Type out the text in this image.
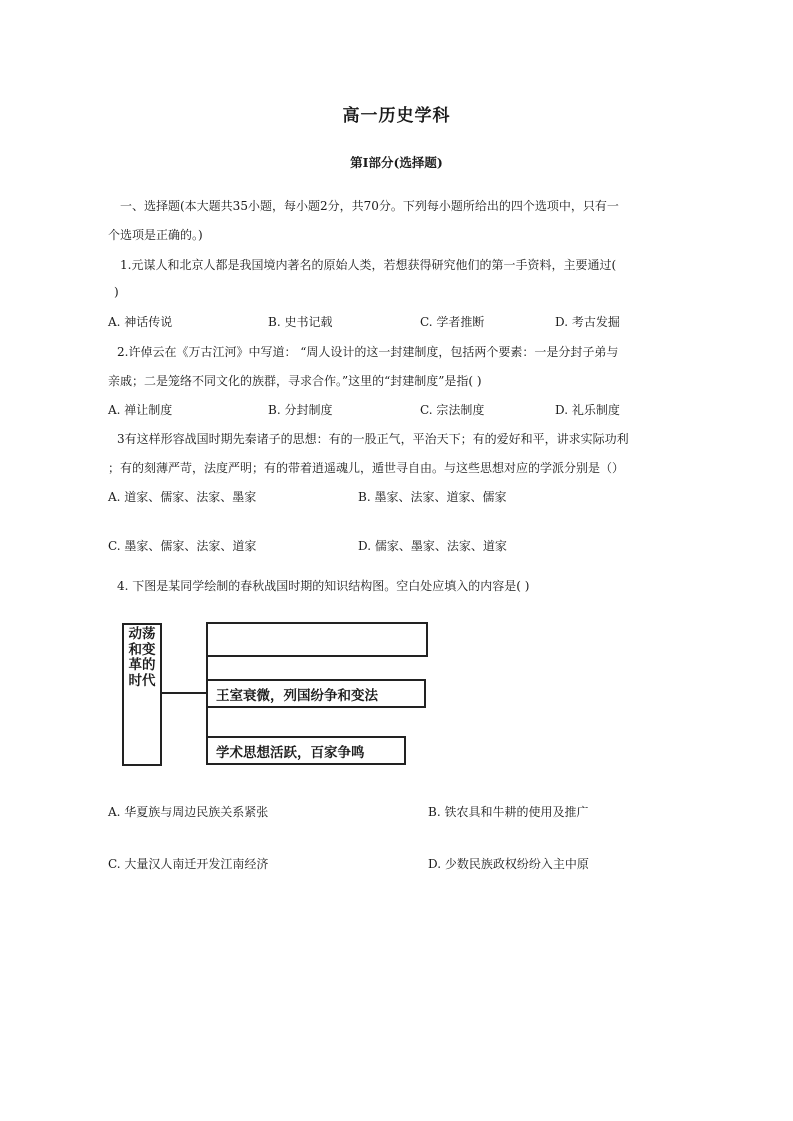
高一历史学科
第Ⅰ部分(选择题)
一、选择题(本大题共35小题，每小题2分，共70分。下列每小题所给出的四个选项中，只有一
个选项是正确的。)
1.元谋人和北京人都是我国境内著名的原始人类，若想获得研究他们的第一手资料，主要通过(
)
A. 神话传说	B. 史书记载	C. 学者推断	D. 考古发掘
2.许倬云在《万古江河》中写道： “周人设计的这一封建制度，包括两个要素：一是分封子弟与
亲戚；二是笼络不同文化的族群，寻求合作。”这里的“封建制度”是指( )
A. 禅让制度	B. 分封制度	C. 宗法制度	D. 礼乐制度
3有这样形容战国时期先秦诸子的思想：有的一股正气，平治天下；有的爱好和平，讲求实际功利
；有的刻薄严苛，法度严明；有的带着逍遥魂儿，遁世寻自由。与这些思想对应的学派分别是（）
A. 道家、儒家、法家、墨家	B. 墨家、法家、道家、儒家
C. 墨家、儒家、法家、道家	D. 儒家、墨家、法家、道家
4. 下图是某同学绘制的春秋战国时期的知识结构图。空白处应填入的内容是( )
动荡和变革的时代
王室衰微，列国纷争和变法
学术思想活跃，百家争鸣
A. 华夏族与周边民族关系紧张	B. 铁农具和牛耕的使用及推广
C. 大量汉人南迁开发江南经济	D. 少数民族政权纷纷入主中原
